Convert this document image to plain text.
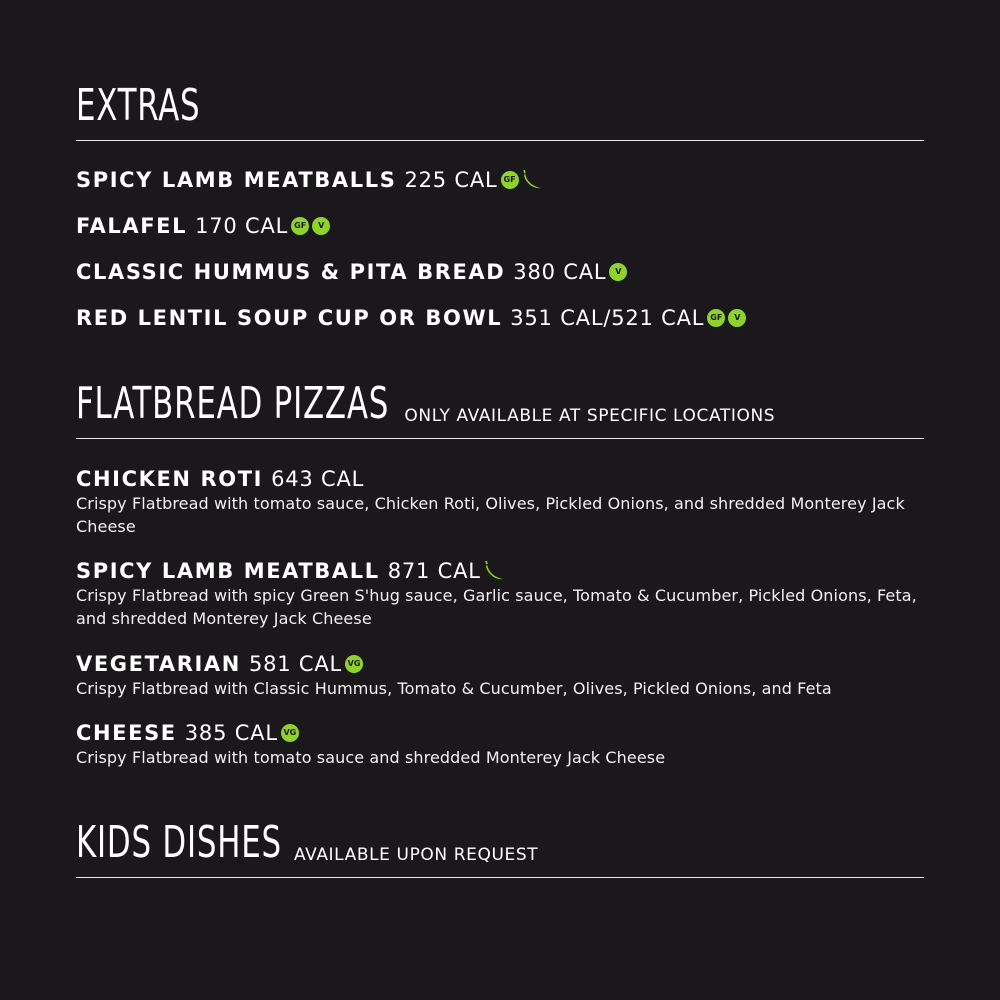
EXTRAS
SPICY LAMB MEATBALLS 225 CAL GF
FALAFEL 170 CAL GF	V
CLASSIC HUMMUS & PITA BREAD 380 CAL	V
RED LENTIL SOUP CUP OR BOWL 351 CAL/521 CAL GF	V
FLATBREAD PIZZAS ONLY AVAILABLE AT SPECIFIC LOCATIONS
CHICKEN ROTI 643 CAL
Crispy Flatbread with tomato sauce, Chicken Roti, Olives, Pickled Onions, and shredded Monterey Jack Cheese
SPICY LAMB MEATBALL 871 CAL
Crispy Flatbread with spicy Green S'hug sauce, Garlic sauce, Tomato & Cucumber, Pickled Onions, Feta, and shredded Monterey Jack Cheese
VEGETARIAN 581 CAL VG
Crispy Flatbread with Classic Hummus, Tomato & Cucumber, Olives, Pickled Onions, and Feta
CHEESE 385 CAL VG
Crispy Flatbread with tomato sauce and shredded Monterey Jack Cheese
KIDS DISHES AVAILABLE UPON REQUEST
